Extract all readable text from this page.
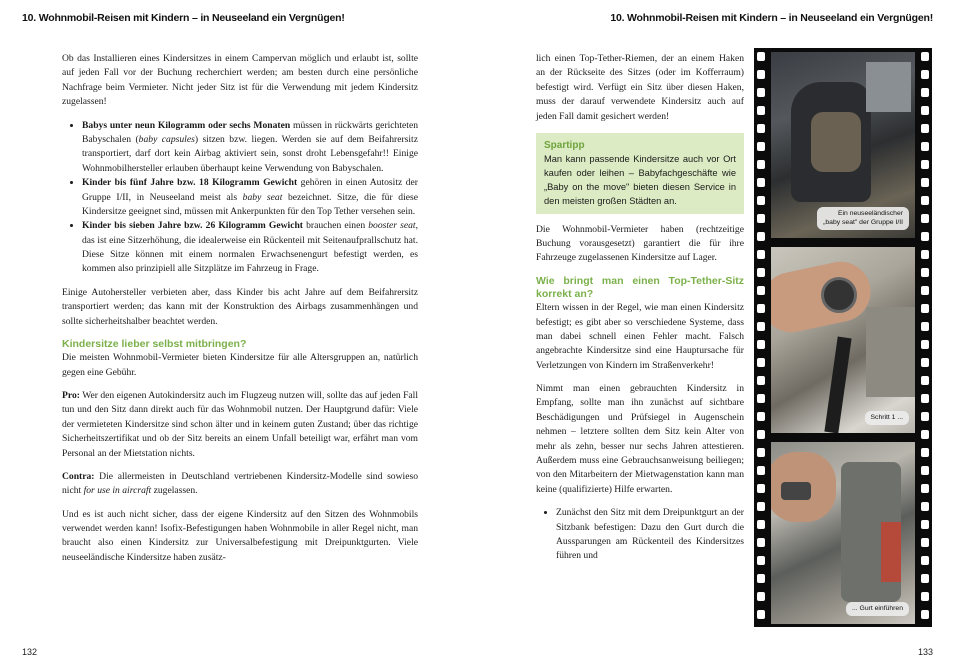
10. Wohnmobil-Reisen mit Kindern – in Neuseeland ein Vergnügen!	10. Wohnmobil-Reisen mit Kindern – in Neuseeland ein Vergnügen!

Ob das Installieren eines Kindersitzes in einem Campervan möglich und erlaubt ist, sollte auf jeden Fall vor der Buchung recherchiert werden; am besten durch eine persönliche Nachfrage beim Vermieter. Nicht jeder Sitz ist für die Verwendung mit jedem Kindersitz zugelassen!

• Babys unter neun Kilogramm oder sechs Monaten müssen in rückwärts gerichteten Babyschalen (baby capsules) sitzen bzw. liegen. Werden sie auf dem Beifahrersitz transportiert, darf dort kein Airbag aktiviert sein, sonst droht Lebensgefahr!! Einige Wohnmobilhersteller erlauben überhaupt keine Verwendung von Babyschalen.
• Kinder bis fünf Jahre bzw. 18 Kilogramm Gewicht gehören in einen Autositz der Gruppe I/II, in Neuseeland meist als baby seat bezeichnet. Sitze, die für diese Kindersitze geeignet sind, müssen mit Ankerpunkten für den Top Tether versehen sein.
• Kinder bis sieben Jahre bzw. 26 Kilogramm Gewicht brauchen einen booster seat, das ist eine Sitzerhöhung, die idealerweise ein Rückenteil mit Seitenaufprallschutz hat. Diese Sitze können mit einem normalen Erwachsenengurt befestigt werden, es kommen also prinzipiell alle Sitzplätze im Fahrzeug in Frage.

Einige Autohersteller verbieten aber, dass Kinder bis acht Jahre auf dem Beifahrersitz transportiert werden; das kann mit der Konstruktion des Airbags zusammenhängen und sollte sicherheitshalber beachtet werden.

Kindersitze lieber selbst mitbringen?

Die meisten Wohnmobil-Vermieter bieten Kindersitze für alle Altersgruppen an, natürlich gegen eine Gebühr.

Pro: Wer den eigenen Autokindersitz auch im Flugzeug nutzen will, sollte das auf jeden Fall tun und den Sitz dann direkt auch für das Wohnmobil nutzen. Der Hauptgrund dafür: Viele der vermieteten Kindersitze sind schon älter und in keinem guten Zustand; über das richtige Sicherheitszertifikat und ob der Sitz bereits an einem Unfall beteiligt war, erfährt man vom Personal an der Mietstation nichts.

Contra: Die allermeisten in Deutschland vertriebenen Kindersitz-Modelle sind sowieso nicht for use in aircraft zugelassen.

Und es ist auch nicht sicher, dass der eigene Kindersitz auf den Sitzen des Wohnmobils verwendet werden kann! Isofix-Befestigungen haben Wohnmobile in aller Regel nicht, man braucht also einen Kindersitz zur Universalbefestigung mit Dreipunktgurten. Viele neuseeländische Kindersitze haben zusätz-

lich einen Top-Tether-Riemen, der an einem Haken an der Rückseite des Sitzes (oder im Kofferraum) befestigt wird. Verfügt ein Sitz über diesen Haken, muss der darauf verwendete Kindersitz auch auf jeden Fall damit gesichert werden!

Spartipp
Man kann passende Kindersitze auch vor Ort kaufen oder leihen – Babyfachgeschäfte wie „Baby on the move" bieten diesen Service in den meisten großen Städten an.

Die Wohnmobil-Vermieter haben (rechtzeitige Buchung vorausgesetzt) garantiert die für ihre Fahrzeuge zugelassenen Kindersitze auf Lager.

Wie bringt man einen Top-Tether-Sitz korrekt an?

Eltern wissen in der Regel, wie man einen Kindersitz befestigt; es gibt aber so verschiedene Systeme, dass man dabei schnell einen Fehler macht. Falsch angebrachte Kindersitze sind eine Hauptursache für Verletzungen von Kindern im Straßenverkehr!

Nimmt man einen gebrauchten Kindersitz in Empfang, sollte man ihn zunächst auf sichtbare Beschädigungen und Prüfsiegel in Augenschein nehmen – letztere sollten dem Sitz kein Alter von mehr als zehn, besser nur sechs Jahren attestieren. Außerdem muss eine Gebrauchsanweisung beiliegen; von den Mitarbeitern der Mietwagenstation kann man keine (qualifizierte) Hilfe erwarten.

• Zunächst den Sitz mit dem Dreipunktgurt an der Sitzbank befestigen: Dazu den Gurt durch die Aussparungen am Rückenteil des Kindersitzes führen und
Ein neuseeländischer
„baby seat" der Gruppe I/II
Schritt 1 ...
... Gurt einführen
132	133
